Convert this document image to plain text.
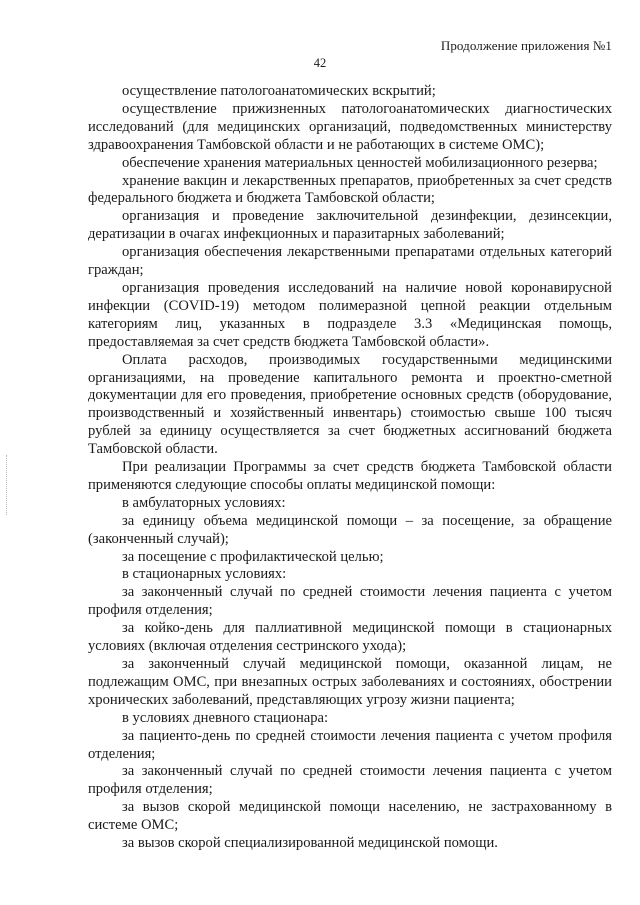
Продолжение приложения №1
42

осуществление патологоанатомических вскрытий;

осуществление прижизненных патологоанатомических диагностических исследований (для медицинских организаций, подведомственных министерству здравоохранения Тамбовской области и не работающих в системе ОМС);

обеспечение хранения материальных ценностей мобилизационного резерва;

хранение вакцин и лекарственных препаратов, приобретенных за счет средств федерального бюджета и бюджета Тамбовской области;

организация и проведение заключительной дезинфекции, дезинсекции, дератизации в очагах инфекционных и паразитарных заболеваний;

организация обеспечения лекарственными препаратами отдельных категорий граждан;

организация проведения исследований на наличие новой коронавирусной инфекции (COVID-19) методом полимеразной цепной реакции отдельным категориям лиц, указанных в подразделе 3.3 «Медицинская помощь, предоставляемая за счет средств бюджета Тамбовской области».

Оплата расходов, производимых государственными медицинскими организациями, на проведение капитального ремонта и проектно-сметной документации для его проведения, приобретение основных средств (оборудование, производственный и хозяйственный инвентарь) стоимостью свыше 100 тысяч рублей за единицу осуществляется за счет бюджетных ассигнований бюджета Тамбовской области.

При реализации Программы за счет средств бюджета Тамбовской области применяются следующие способы оплаты медицинской помощи:

в амбулаторных условиях:

за единицу объема медицинской помощи – за посещение, за обращение (законченный случай);

за посещение с профилактической целью;

в стационарных условиях:

за законченный случай по средней стоимости лечения пациента с учетом профиля отделения;

за койко-день для паллиативной медицинской помощи в стационарных условиях (включая отделения сестринского ухода);

за законченный случай медицинской помощи, оказанной лицам, не подлежащим ОМС, при внезапных острых заболеваниях и состояниях, обострении хронических заболеваний, представляющих угрозу жизни пациента;

в условиях дневного стационара:

за пациенто-день по средней стоимости лечения пациента с учетом профиля отделения;

за законченный случай по средней стоимости лечения пациента с учетом профиля отделения;

за вызов скорой медицинской помощи населению, не застрахованному в системе ОМС;

за вызов скорой специализированной медицинской помощи.
